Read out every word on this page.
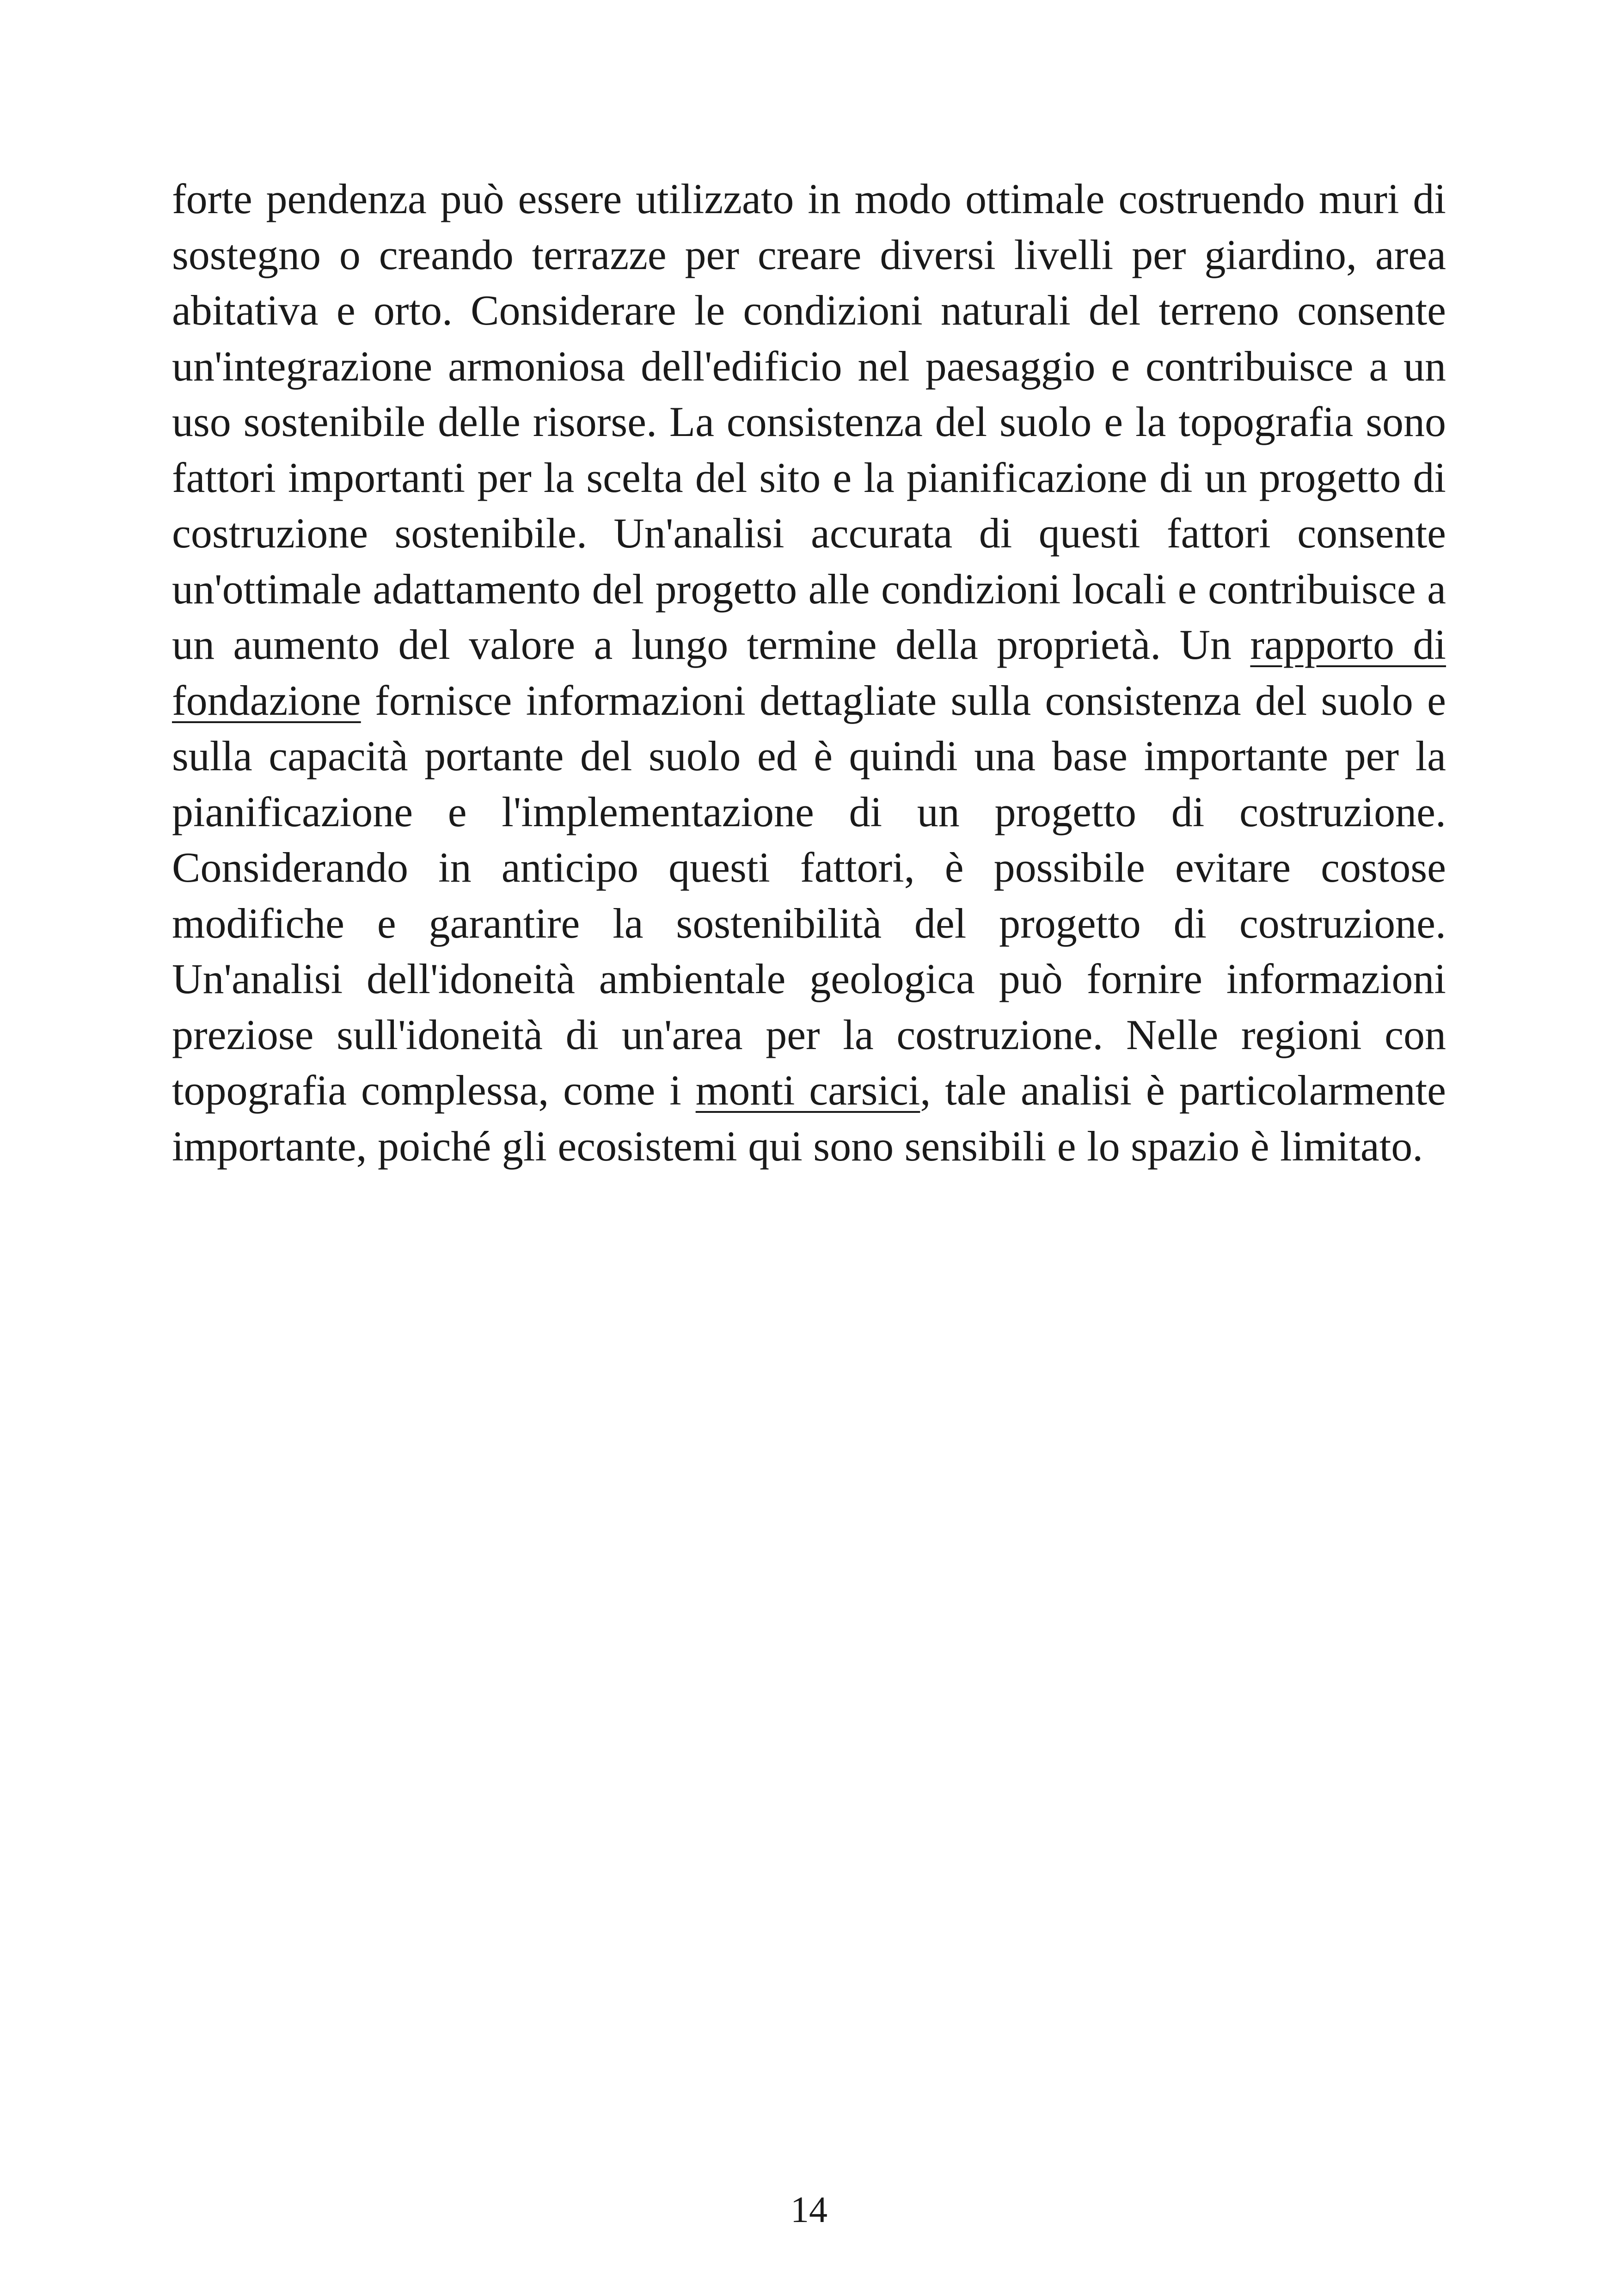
forte pendenza può essere utilizzato in modo ottimale costruendo muri di sostegno o creando terrazze per creare diversi livelli per giardino, area abitativa e orto. Considerare le condizioni naturali del terreno consente un'integrazione armoniosa dell'edificio nel paesaggio e contribuisce a un uso sostenibile delle risorse. La consistenza del suolo e la topografia sono fattori importanti per la scelta del sito e la pianificazione di un progetto di costruzione sostenibile. Un'analisi accurata di questi fattori consente un'ottimale adattamento del progetto alle condizioni locali e contribuisce a un aumento del valore a lungo termine della proprietà. Un rapporto di fondazione fornisce informazioni dettagliate sulla consistenza del suolo e sulla capacità portante del suolo ed è quindi una base importante per la pianificazione e l'implementazione di un progetto di costruzione. Considerando in anticipo questi fattori, è possibile evitare costose modifiche e garantire la sostenibilità del progetto di costruzione. Un'analisi dell'idoneità ambientale geologica può fornire informazioni preziose sull'idoneità di un'area per la costruzione. Nelle regioni con topografia complessa, come i monti carsici, tale analisi è particolarmente importante, poiché gli ecosistemi qui sono sensibili e lo spazio è limitato.

14
